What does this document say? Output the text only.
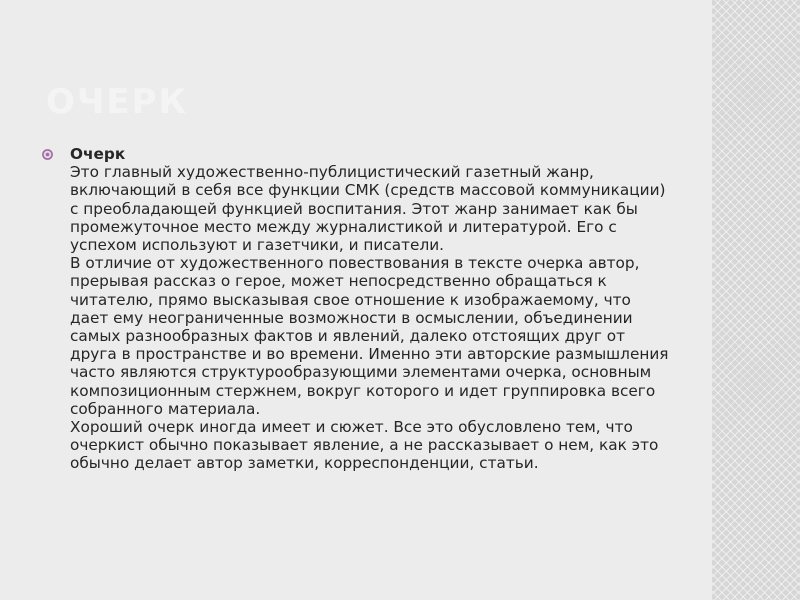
ОЧЕРК
Очерк
Это главный художественно-публицистический газетный жанр, включающий в себя все функции СМК (средств массовой коммуникации) с преобладающей функцией воспитания. Этот жанр занимает как бы промежуточное место между журналистикой и литературой. Его с успехом используют и газетчики, и писатели.
В отличие от художественного повествования в тексте очерка автор, прерывая рассказ о герое, может непосредственно обращаться к читателю, прямо высказывая свое отношение к изображаемому, что дает ему неограниченные возможности в осмыслении, объединении самых разнообразных фактов и явлений, далеко отстоящих друг от друга в пространстве и во времени. Именно эти авторские размышления часто являются структурообразующими элементами очерка, основным композиционным стержнем, вокруг которого и идет группировка всего собранного материала.
Хороший очерк иногда имеет и сюжет. Все это обусловлено тем, что очеркист обычно показывает явление, а не рассказывает о нем, как это обычно делает автор заметки, корреспонденции, статьи.
